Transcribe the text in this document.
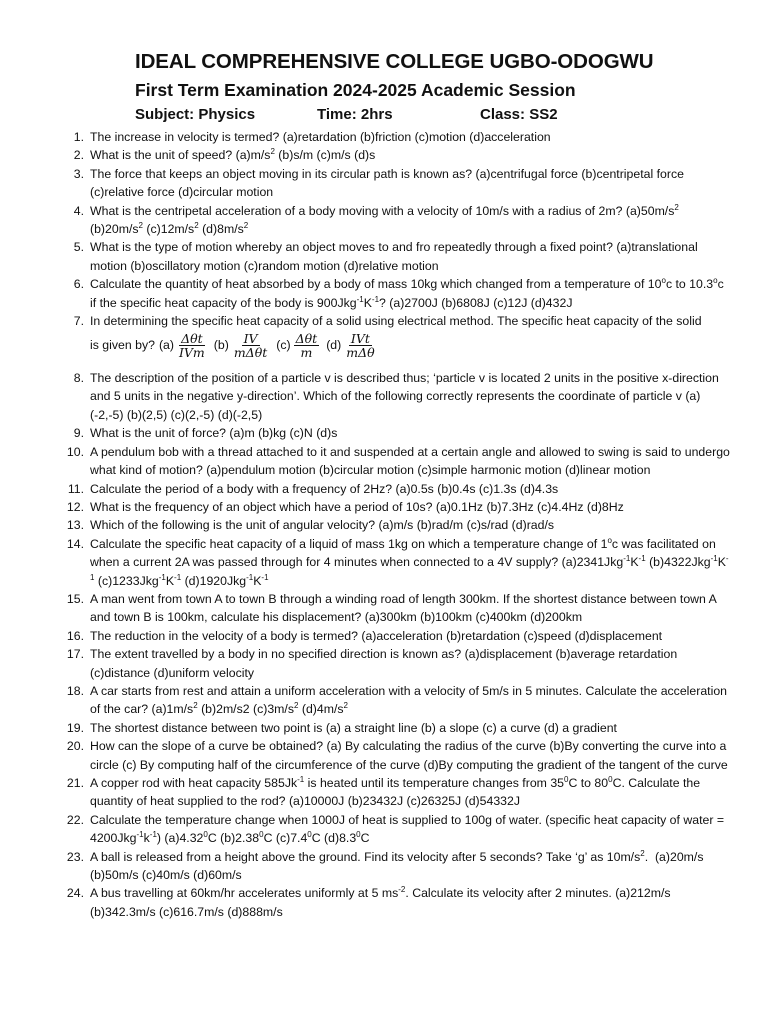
IDEAL COMPREHENSIVE COLLEGE UGBO-ODOGWU
First Term Examination 2024-2025 Academic Session
Subject: Physics	Time: 2hrs	Class: SS2
1. The increase in velocity is termed? (a)retardation (b)friction (c)motion (d)acceleration
2. What is the unit of speed? $(a)m/s^2$ (b)s/m (c)m/s (d)s
3. The force that keeps an object moving in its circular path is known as? (a)centrifugal force (b)centripetal force (c)relative force (d)circular motion
4. What is the centripetal acceleration of a body moving with a velocity of 10m/s with a radius of 2m? $(a)50m/s^2$ $(b)20m/s^2$ $(c)12m/s^2$ $(d)8m/s^2$
5. What is the type of motion whereby an object moves to and fro repeatedly through a fixed point? (a)translational motion (b)oscillatory motion (c)random motion (d)relative motion
6. Calculate the quantity of heat absorbed by a body of mass 10kg which changed from a temperature of 10$^o$c to 10.3$^o$c if the specific heat capacity of the body is $900Jkg^{-1}K^{-1}$? (a)2700J (b)6808J (c)12J (d)432J
7. In determining the specific heat capacity of a solid using electrical method. The specific heat capacity of the solid
is given by? $(a) \frac{\text{Δθt}}{\text{IVm}} (b) \frac{IV}{\text{mΔθt}} (c) \frac{\text{Δθt}}{m} (d) \frac{\text{IVt}}{\text{mΔθ}}$
8. The description of the position of a particle v is described thus; ‘particle v is located 2 units in the positive x-direction and 5 units in the negative y-direction’. Which of the following correctly represents the coordinate of particle v (a)(-2,-5) (b)(2,5) (c)(2,-5) (d)(-2,5)
9. What is the unit of force? (a)m (b)kg (c)N (d)s
10. A pendulum bob with a thread attached to it and suspended at a certain angle and allowed to swing is said to undergo what kind of motion? (a)pendulum motion (b)circular motion (c)simple harmonic motion (d)linear motion
11. Calculate the period of a body with a frequency of 2Hz? (a)0.5s (b)0.4s (c)1.3s (d)4.3s
12. What is the frequency of an object which have a period of 10s? (a)0.1Hz (b)7.3Hz (c)4.4Hz (d)8Hz
13. Which of the following is the unit of angular velocity? (a)m/s (b)rad/m (c)s/rad (d)rad/s
14. Calculate the specific heat capacity of a liquid of mass 1kg on which a temperature change of 1$^o$c was facilitated on when a current 2A was passed through for 4 minutes when connected to a 4V supply? $(a)2341Jkg^{-1}K^{-1}$ $(b)4322Jkg^{-1}K^{-1}$ $(c)1233Jkg^{-1}K^{-1}$ $(d)1920Jkg^{-1}K^{-1}$
15. A man went from town A to town B through a winding road of length 300km. If the shortest distance between town A and town B is 100km, calculate his displacement? (a)300km (b)100km (c)400km (d)200km
16. The reduction in the velocity of a body is termed? (a)acceleration (b)retardation (c)speed (d)displacement
17. The extent travelled by a body in no specified direction is known as? (a)displacement (b)average retardation (c)distance (d)uniform velocity
18. A car starts from rest and attain a uniform acceleration with a velocity of 5m/s in 5 minutes. Calculate the acceleration of the car? $(a)1m/s^2$ (b)2m/s2 $(c)3m/s^2$ $(d)4m/s^2$
19. The shortest distance between two point is (a) a straight line (b) a slope (c) a curve (d) a gradient
20. How can the slope of a curve be obtained? (a) By calculating the radius of the curve (b)By converting the curve into a circle (c) By computing half of the circumference of the curve (d)By computing the gradient of the tangent of the curve
21. A copper rod with heat capacity $585Jk^{-1}$ is heated until its temperature changes from $35^0C$ to $80^0C$. Calculate the quantity of heat supplied to the rod? (a)10000J (b)23432J (c)26325J (d)54332J
22. Calculate the temperature change when 1000J of heat is supplied to 100g of water. (specific heat capacity of water = $4200Jkg^{-1}k^{-1}$) (a)4.32$^0$C (b)2.38$^0$C $(c)7.4^0C$ $(d)8.3^0C$
23. A ball is released from a height above the ground. Find its velocity after 5 seconds? Take ‘g’ as $10m/s^2$.  (a)20m/s (b)50m/s (c)40m/s (d)60m/s
24. A bus travelling at 60km/hr accelerates uniformly at 5 $ms^{-2}$. Calculate its velocity after 2 minutes. (a)212m/s (b)342.3m/s (c)616.7m/s (d)888m/s
